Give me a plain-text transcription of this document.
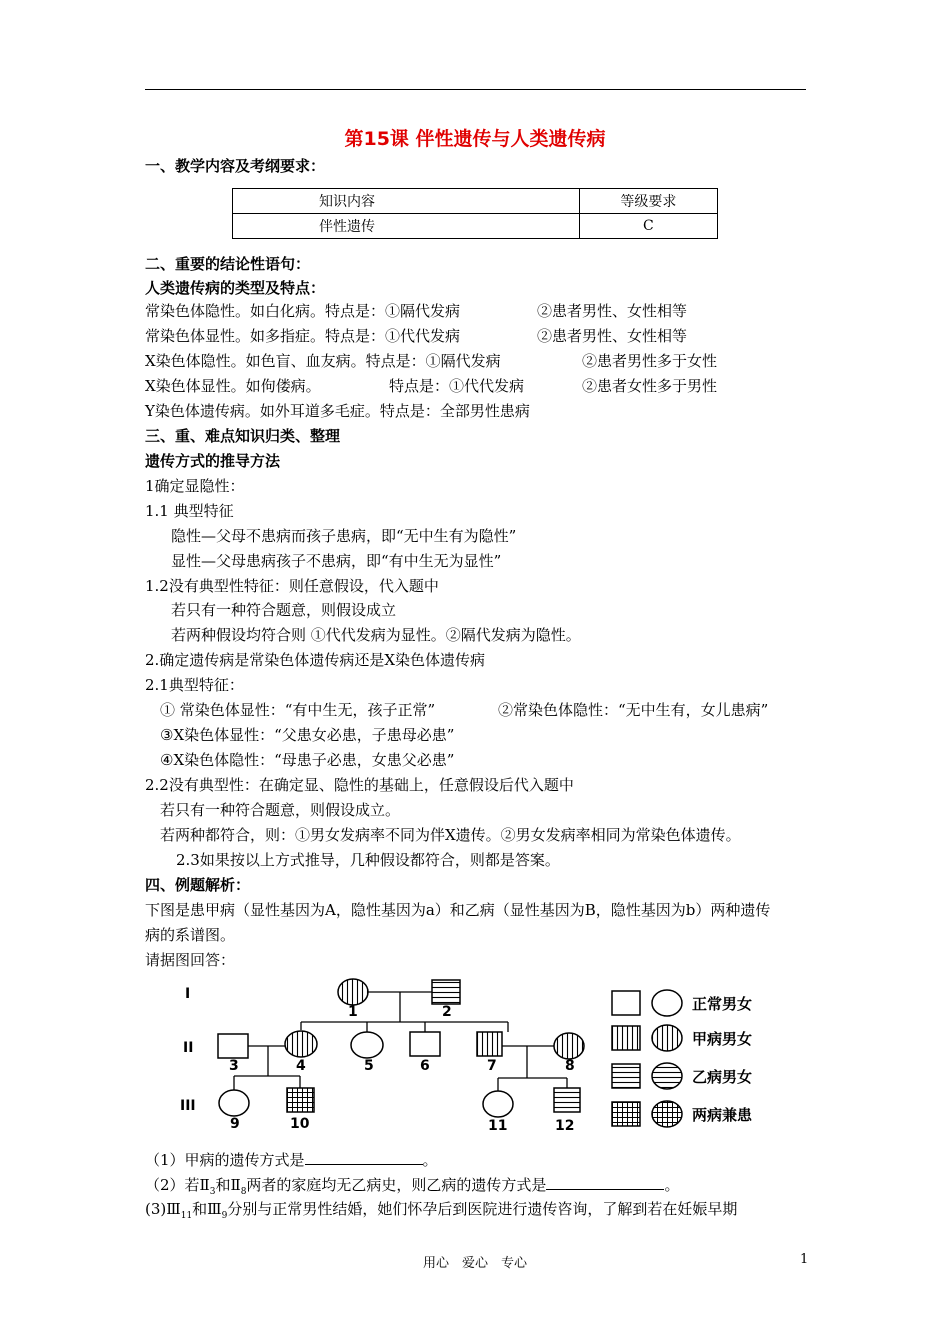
第15课 伴性遗传与人类遗传病
一、教学内容及考纲要求：
知识内容	等级要求
伴性遗传	C
二、重要的结论性语句：
人类遗传病的类型及特点：
常染色体隐性。如白化病。特点是：①隔代发病	②患者男性、女性相等
常染色体显性。如多指症。特点是：①代代发病	②患者男性、女性相等
X染色体隐性。如色盲、血友病。特点是：①隔代发病	②患者男性多于女性
X染色体显性。如佝偻病。	特点是：①代代发病	②患者女性多于男性
Y染色体遗传病。如外耳道多毛症。特点是：全部男性患病
三、重、难点知识归类、整理
遗传方式的推导方法
1确定显隐性：
1.1 典型特征
隐性—父母不患病而孩子患病，即“无中生有为隐性”
显性—父母患病孩子不患病，即“有中生无为显性”
1.2没有典型性特征：则任意假设，代入题中
若只有一种符合题意，则假设成立
若两种假设均符合则 ①代代发病为显性。②隔代发病为隐性。
2.确定遗传病是常染色体遗传病还是X染色体遗传病
2.1典型特征：
① 常染色体显性：“有中生无，孩子正常”	②常染色体隐性：“无中生有，女儿患病”
③X染色体显性：“父患女必患，子患母必患”
④X染色体隐性：“母患子必患，女患父必患”
2.2没有典型性：在确定显、隐性的基础上，任意假设后代入题中
若只有一种符合题意，则假设成立。
若两种都符合，则：①男女发病率不同为伴X遗传。②男女发病率相同为常染色体遗传。
2.3如果按以上方式推导，几种假设都符合，则都是答案。
四、例题解析：
下图是患甲病（显性基因为A，隐性基因为a）和乙病（显性基因为B，隐性基因为b）两种遗传
病的系谱图。
请据图回答：
I
II
III
1	2
3	4	5	6	7	8
9	10	11	12
正常男女
甲病男女
乙病男女
两病兼患
（1）甲病的遗传方式是	。
（2）若$Ⅱ_3$和$Ⅱ_8$两者的家庭均无乙病史，则乙病的遗传方式是	。
$(3)Ⅲ_{11}$和$Ⅲ_9$分别与正常男性结婚，她们怀孕后到医院进行遗传咨询，了解到若在妊娠早期
用心　爱心　专心	1
